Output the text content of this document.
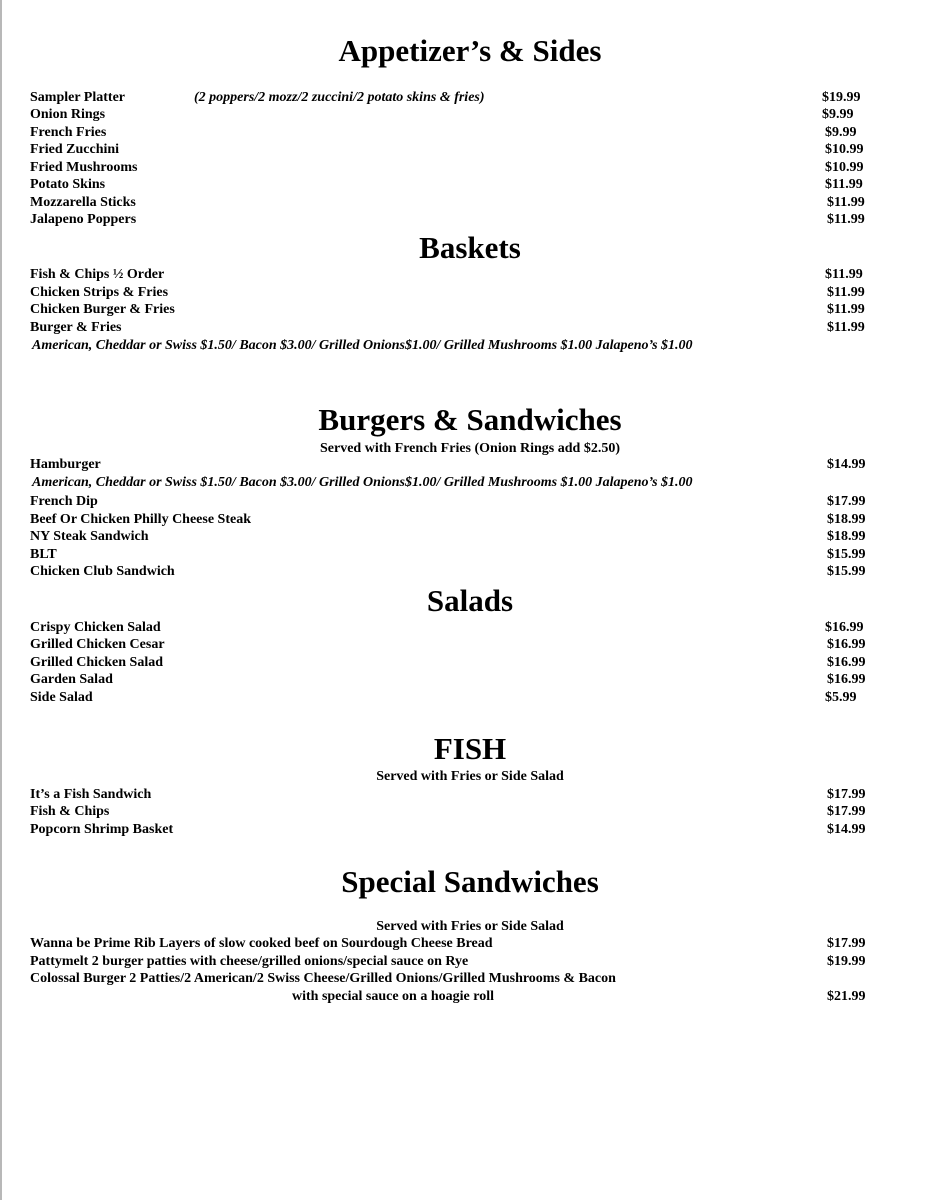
Appetizer’s & Sides
Sampler Platter	(2 poppers/2 mozz/2 zuccini/2 potato skins & fries)	$19.99
Onion Rings	$9.99
French Fries	$9.99
Fried Zucchini	$10.99
Fried Mushrooms	$10.99
Potato Skins	$11.99
Mozzarella Sticks	$11.99
Jalapeno Poppers	$11.99
Baskets
Fish & Chips ½ Order	$11.99
Chicken Strips & Fries	$11.99
Chicken Burger & Fries	$11.99
Burger & Fries	$11.99
American, Cheddar or Swiss $1.50/ Bacon $3.00/ Grilled Onions$1.00/ Grilled Mushrooms $1.00 Jalapeno’s $1.00
Burgers & Sandwiches
Served with French Fries (Onion Rings add $2.50)
Hamburger	$14.99
American, Cheddar or Swiss $1.50/ Bacon $3.00/ Grilled Onions$1.00/ Grilled Mushrooms $1.00 Jalapeno’s $1.00
French Dip	$17.99
Beef Or Chicken Philly Cheese Steak	$18.99
NY Steak Sandwich	$18.99
BLT	$15.99
Chicken Club Sandwich	$15.99
Salads
Crispy Chicken Salad	$16.99
Grilled Chicken Cesar	$16.99
Grilled Chicken Salad	$16.99
Garden Salad	$16.99
Side Salad	$5.99
FISH
Served with Fries or Side Salad
It’s a Fish Sandwich	$17.99
Fish & Chips	$17.99
Popcorn Shrimp Basket	$14.99
Special Sandwiches
Served with Fries or Side Salad
Wanna be Prime Rib Layers of slow cooked beef on Sourdough Cheese Bread	$17.99
Pattymelt 2 burger patties with cheese/grilled onions/special sauce on Rye	$19.99
Colossal Burger 2 Patties/2 American/2 Swiss Cheese/Grilled Onions/Grilled Mushrooms & Bacon
with special sauce on a hoagie roll	$21.99
